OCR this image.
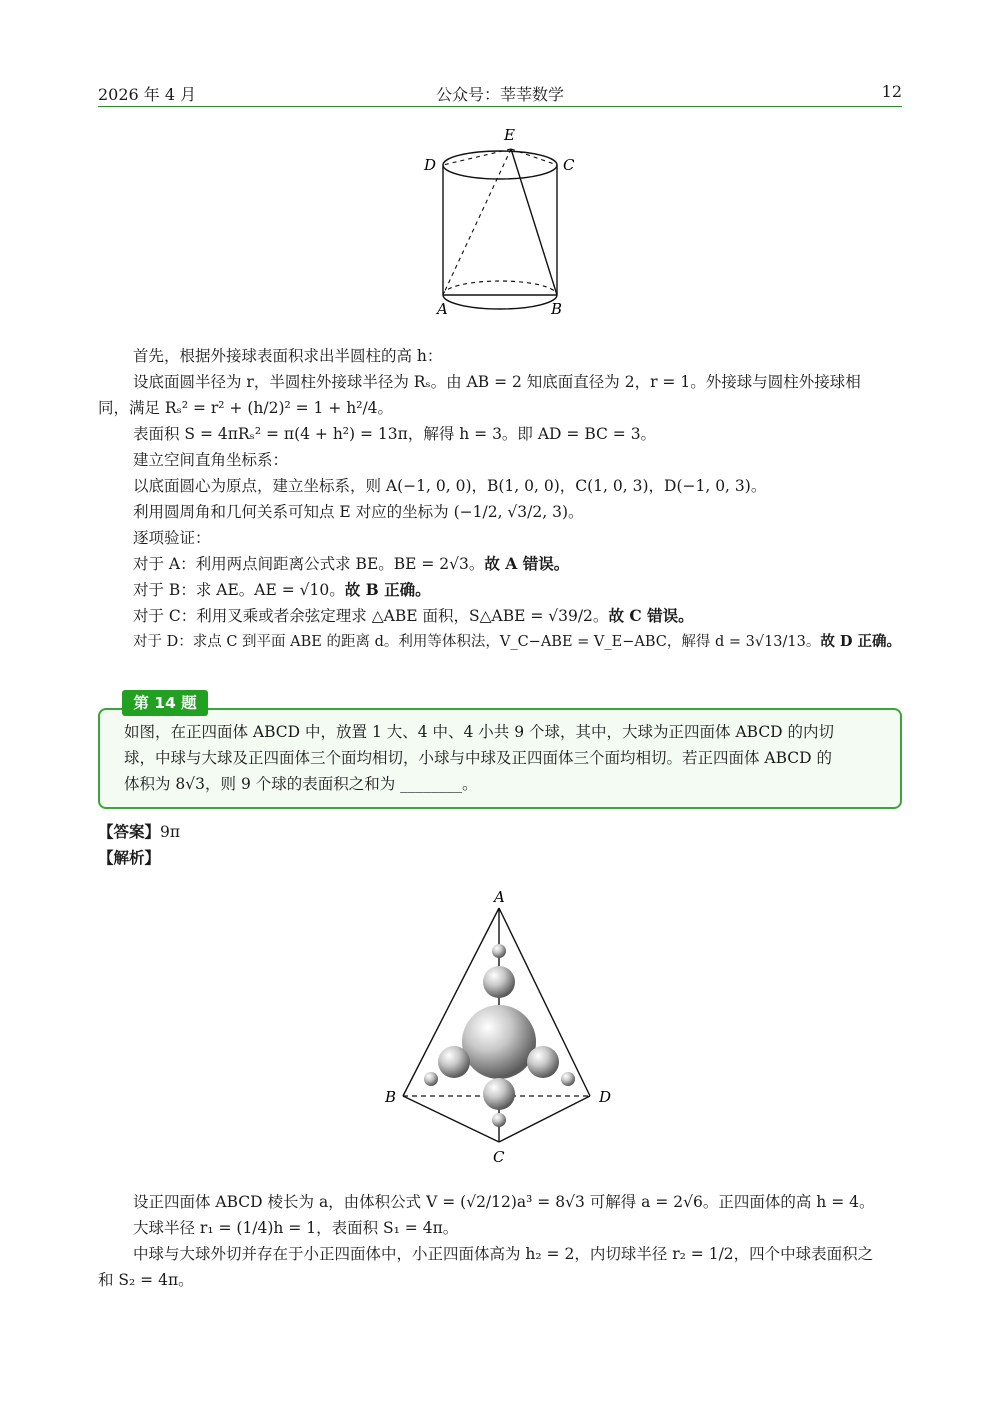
2026 年 4 月	公众号：莘莘数学	12
E
D	C
A	B
首先，根据外接球表面积求出半圆柱的高 h：
设底面圆半径为 r，半圆柱外接球半径为 Rₛ。由 AB = 2 知底面直径为 2，r = 1。外接球与圆柱外接球相
同，满足 Rₛ² = r² + (h/2)² = 1 + h²/4。
表面积 S = 4πRₛ² = π(4 + h²) = 13π，解得 h = 3。即 AD = BC = 3。
建立空间直角坐标系：
以底面圆心为原点，建立坐标系，则 A(−1, 0, 0)，B(1, 0, 0)，C(1, 0, 3)，D(−1, 0, 3)。
利用圆周角和几何关系可知点 E 对应的坐标为 (−1/2, √3/2, 3)。
逐项验证：
对于 A：利用两点间距离公式求 BE。BE = 2√3。故 A 错误。
对于 B：求 AE。AE = √10。故 B 正确。
对于 C：利用叉乘或者余弦定理求 △ABE 面积，S△ABE = √39/2。故 C 错误。
对于 D：求点 C 到平面 ABE 的距离 d。利用等体积法，V_C−ABE = V_E−ABC，解得 d = 3√13/13。故 D 正确。
第 14 题
如图，在正四面体 ABCD 中，放置 1 大、4 中、4 小共 9 个球，其中，大球为正四面体 ABCD 的内切
球，中球与大球及正四面体三个面均相切，小球与中球及正四面体三个面均相切。若正四面体 ABCD 的
体积为 8√3，则 9 个球的表面积之和为 ________。
【答案】9π
【解析】
A
B	D
C
设正四面体 ABCD 棱长为 a，由体积公式 V = (√2/12)a³ = 8√3 可解得 a = 2√6。正四面体的高 h = 4。
大球半径 r₁ = (1/4)h = 1，表面积 S₁ = 4π。
中球与大球外切并存在于小正四面体中，小正四面体高为 h₂ = 2，内切球半径 r₂ = 1/2，四个中球表面积之
和 S₂ = 4π。
